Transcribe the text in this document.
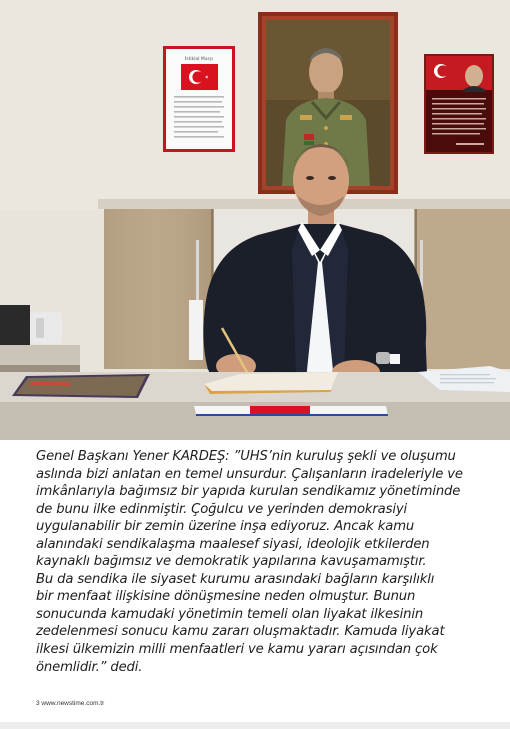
İstiklal Marşı
Genel Başkanı Yener KARDEŞ: ”UHS’nin kuruluş şekli ve oluşumu
aslında bizi anlatan en temel unsurdur. Çalışanların iradeleriyle ve
imkânlarıyla bağımsız bir yapıda kurulan sendikamız yönetiminde
de bunu ilke edinmiştir. Çoğulcu ve yerinden demokrasiyi
uygulanabilir bir zemin üzerine inşa ediyoruz. Ancak kamu
alanındaki sendikalaşma maalesef siyasi, ideolojik etkilerden
kaynaklı bağımsız ve demokratik yapılarına kavuşamamıştır.
Bu da sendika ile siyaset kurumu arasındaki bağların karşılıklı
bir menfaat ilişkisine dönüşmesine neden olmuştur. Bunun
sonucunda kamudaki yönetimin temeli olan liyakat ilkesinin
zedelenmesi sonucu kamu zararı oluşmaktadır. Kamuda liyakat
ilkesi ülkemizin milli menfaatleri ve kamu yararı açısından çok
önemlidir.” dedi.
3 www.newstime.com.tr
